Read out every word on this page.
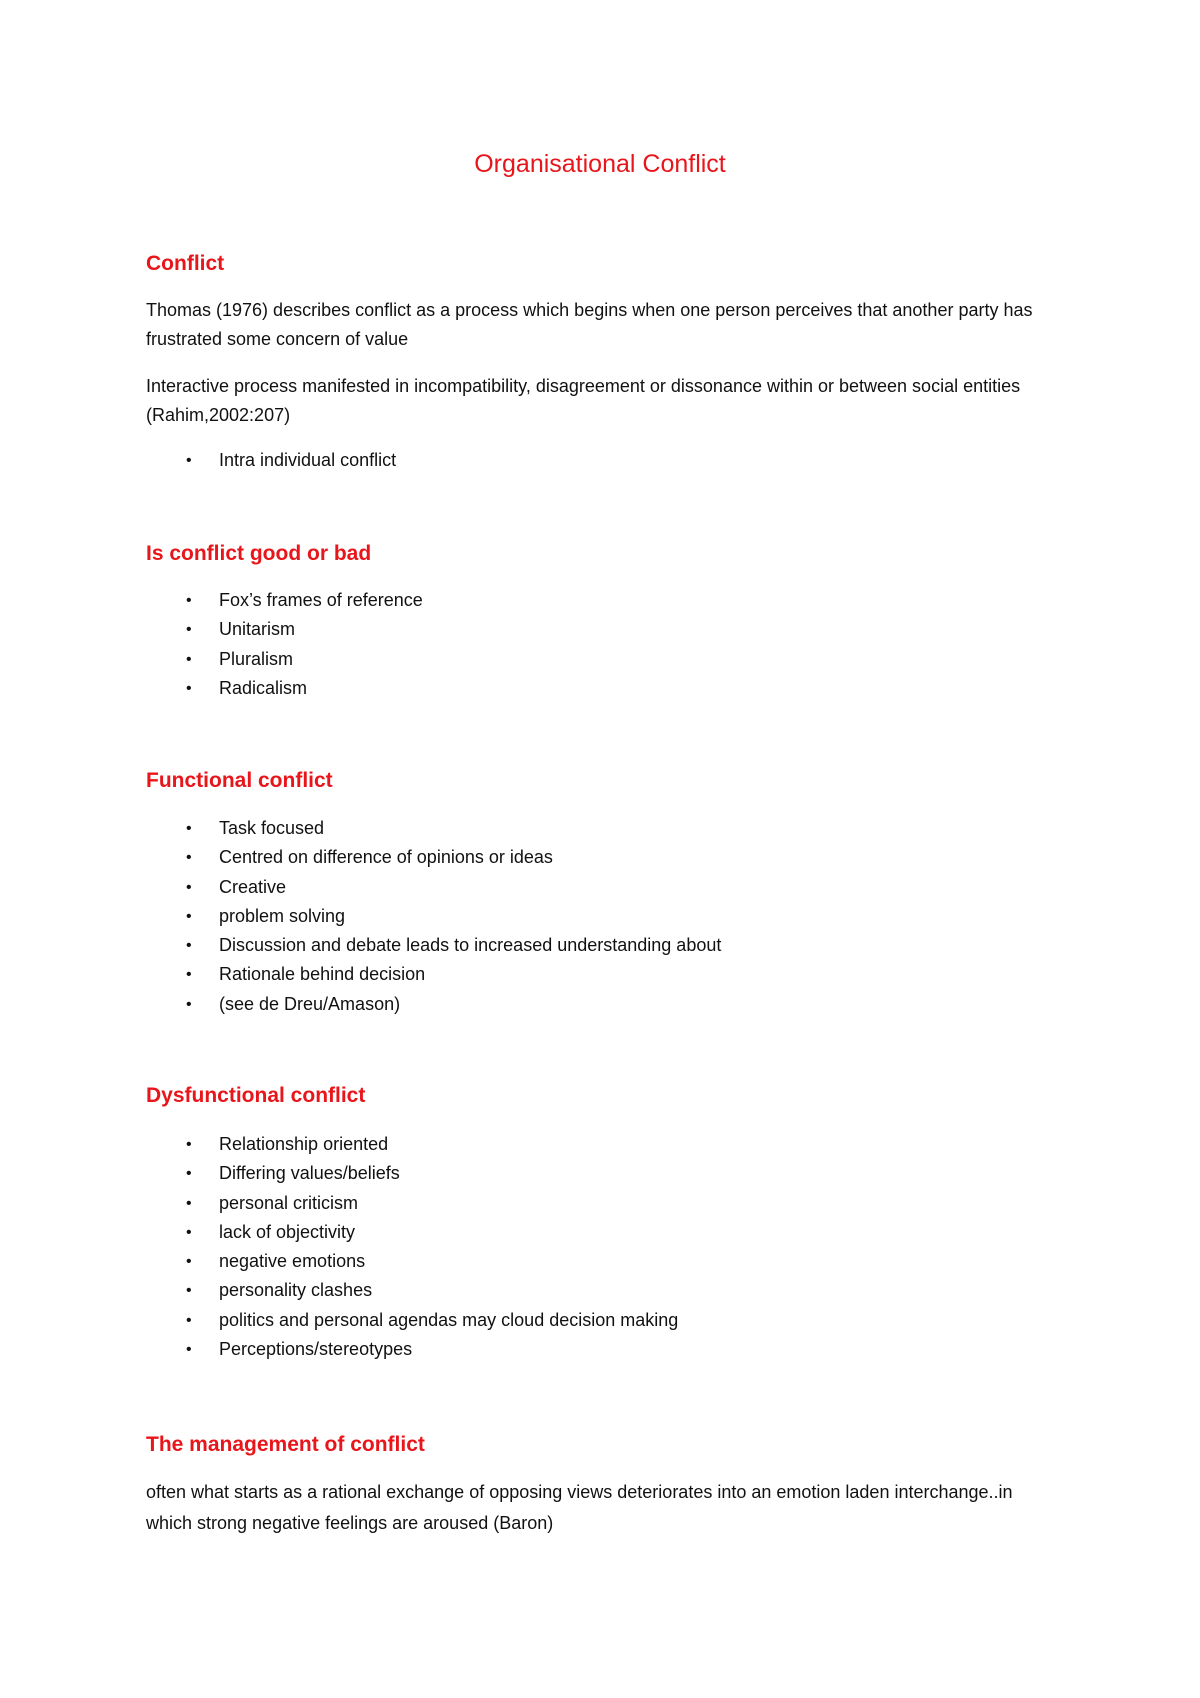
Organisational Conflict
Conflict

Thomas (1976) describes conflict as a process which begins when one person perceives that another party has frustrated some concern of value

Interactive process manifested in incompatibility, disagreement or dissonance within or between social entities (Rahim,2002:207)

• Intra individual conflict
Is conflict good or bad
• Fox’s frames of reference
• Unitarism
• Pluralism
• Radicalism
Functional conflict
• Task focused
• Centred on difference of opinions or ideas
• Creative
• problem solving
• Discussion and debate leads to increased understanding about
• Rationale behind decision
• (see de Dreu/Amason)
Dysfunctional conflict
• Relationship oriented
• Differing values/beliefs
• personal criticism
• lack of objectivity
• negative emotions
• personality clashes
• politics and personal agendas may cloud decision making
• Perceptions/stereotypes
The management of conflict

often what starts as a rational exchange of opposing views deteriorates into an emotion laden interchange..in which strong negative feelings are aroused (Baron)
